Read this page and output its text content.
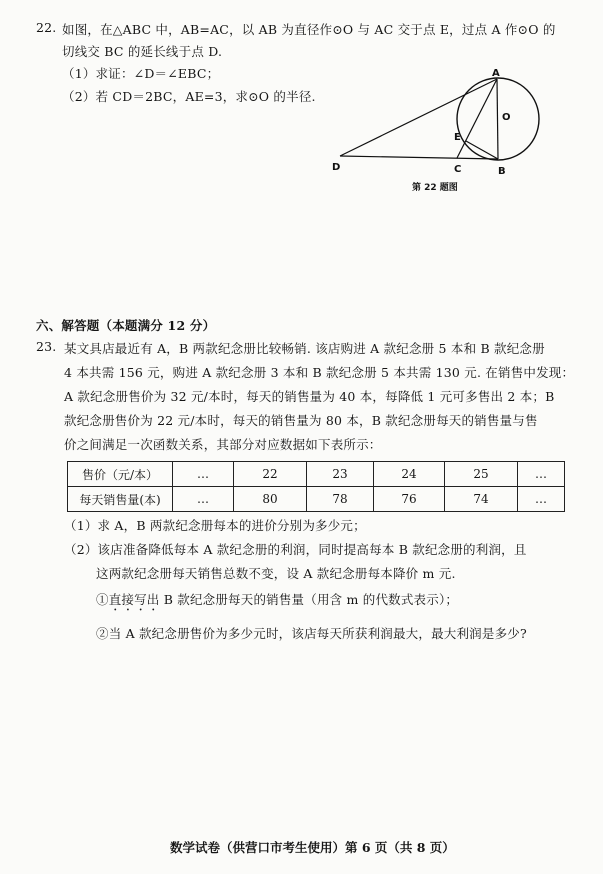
22. 如图，在△ABC 中，AB=AC，以 AB 为直径作⊙O 与 AC 交于点 E，过点 A 作⊙O 的
切线交 BC 的延长线于点 D.
（1）求证：∠D＝∠EBC；
（2）若 CD＝2BC，AE=3，求⊙O 的半径.
A
O
E
D	C	B
第 22 题图
六、解答题（本题满分 12 分）
23. 某文具店最近有 A，B 两款纪念册比较畅销. 该店购进 A 款纪念册 5 本和 B 款纪念册
4 本共需 156 元，购进 A 款纪念册 3 本和 B 款纪念册 5 本共需 130 元. 在销售中发现：
A 款纪念册售价为 32 元/本时，每天的销售量为 40 本，每降低 1 元可多售出 2 本；B
款纪念册售价为 22 元/本时，每天的销售量为 80 本，B 款纪念册每天的销售量与售
价之间满足一次函数关系，其部分对应数据如下表所示：
售价（元/本）	…	22	23	24	25	…
每天销售量(本)	…	80	78	76	74	…
（1）求 A，B 两款纪念册每本的进价分别为多少元；
（2）该店准备降低每本 A 款纪念册的利润，同时提高每本 B 款纪念册的利润，且
这两款纪念册每天销售总数不变，设 A 款纪念册每本降价 m 元.
①直接写出 B 款纪念册每天的销售量（用含 m 的代数式表示）；
②当 A 款纪念册售价为多少元时，该店每天所获利润最大，最大利润是多少?
数学试卷（供营口市考生使用）第 6 页（共 8 页）
